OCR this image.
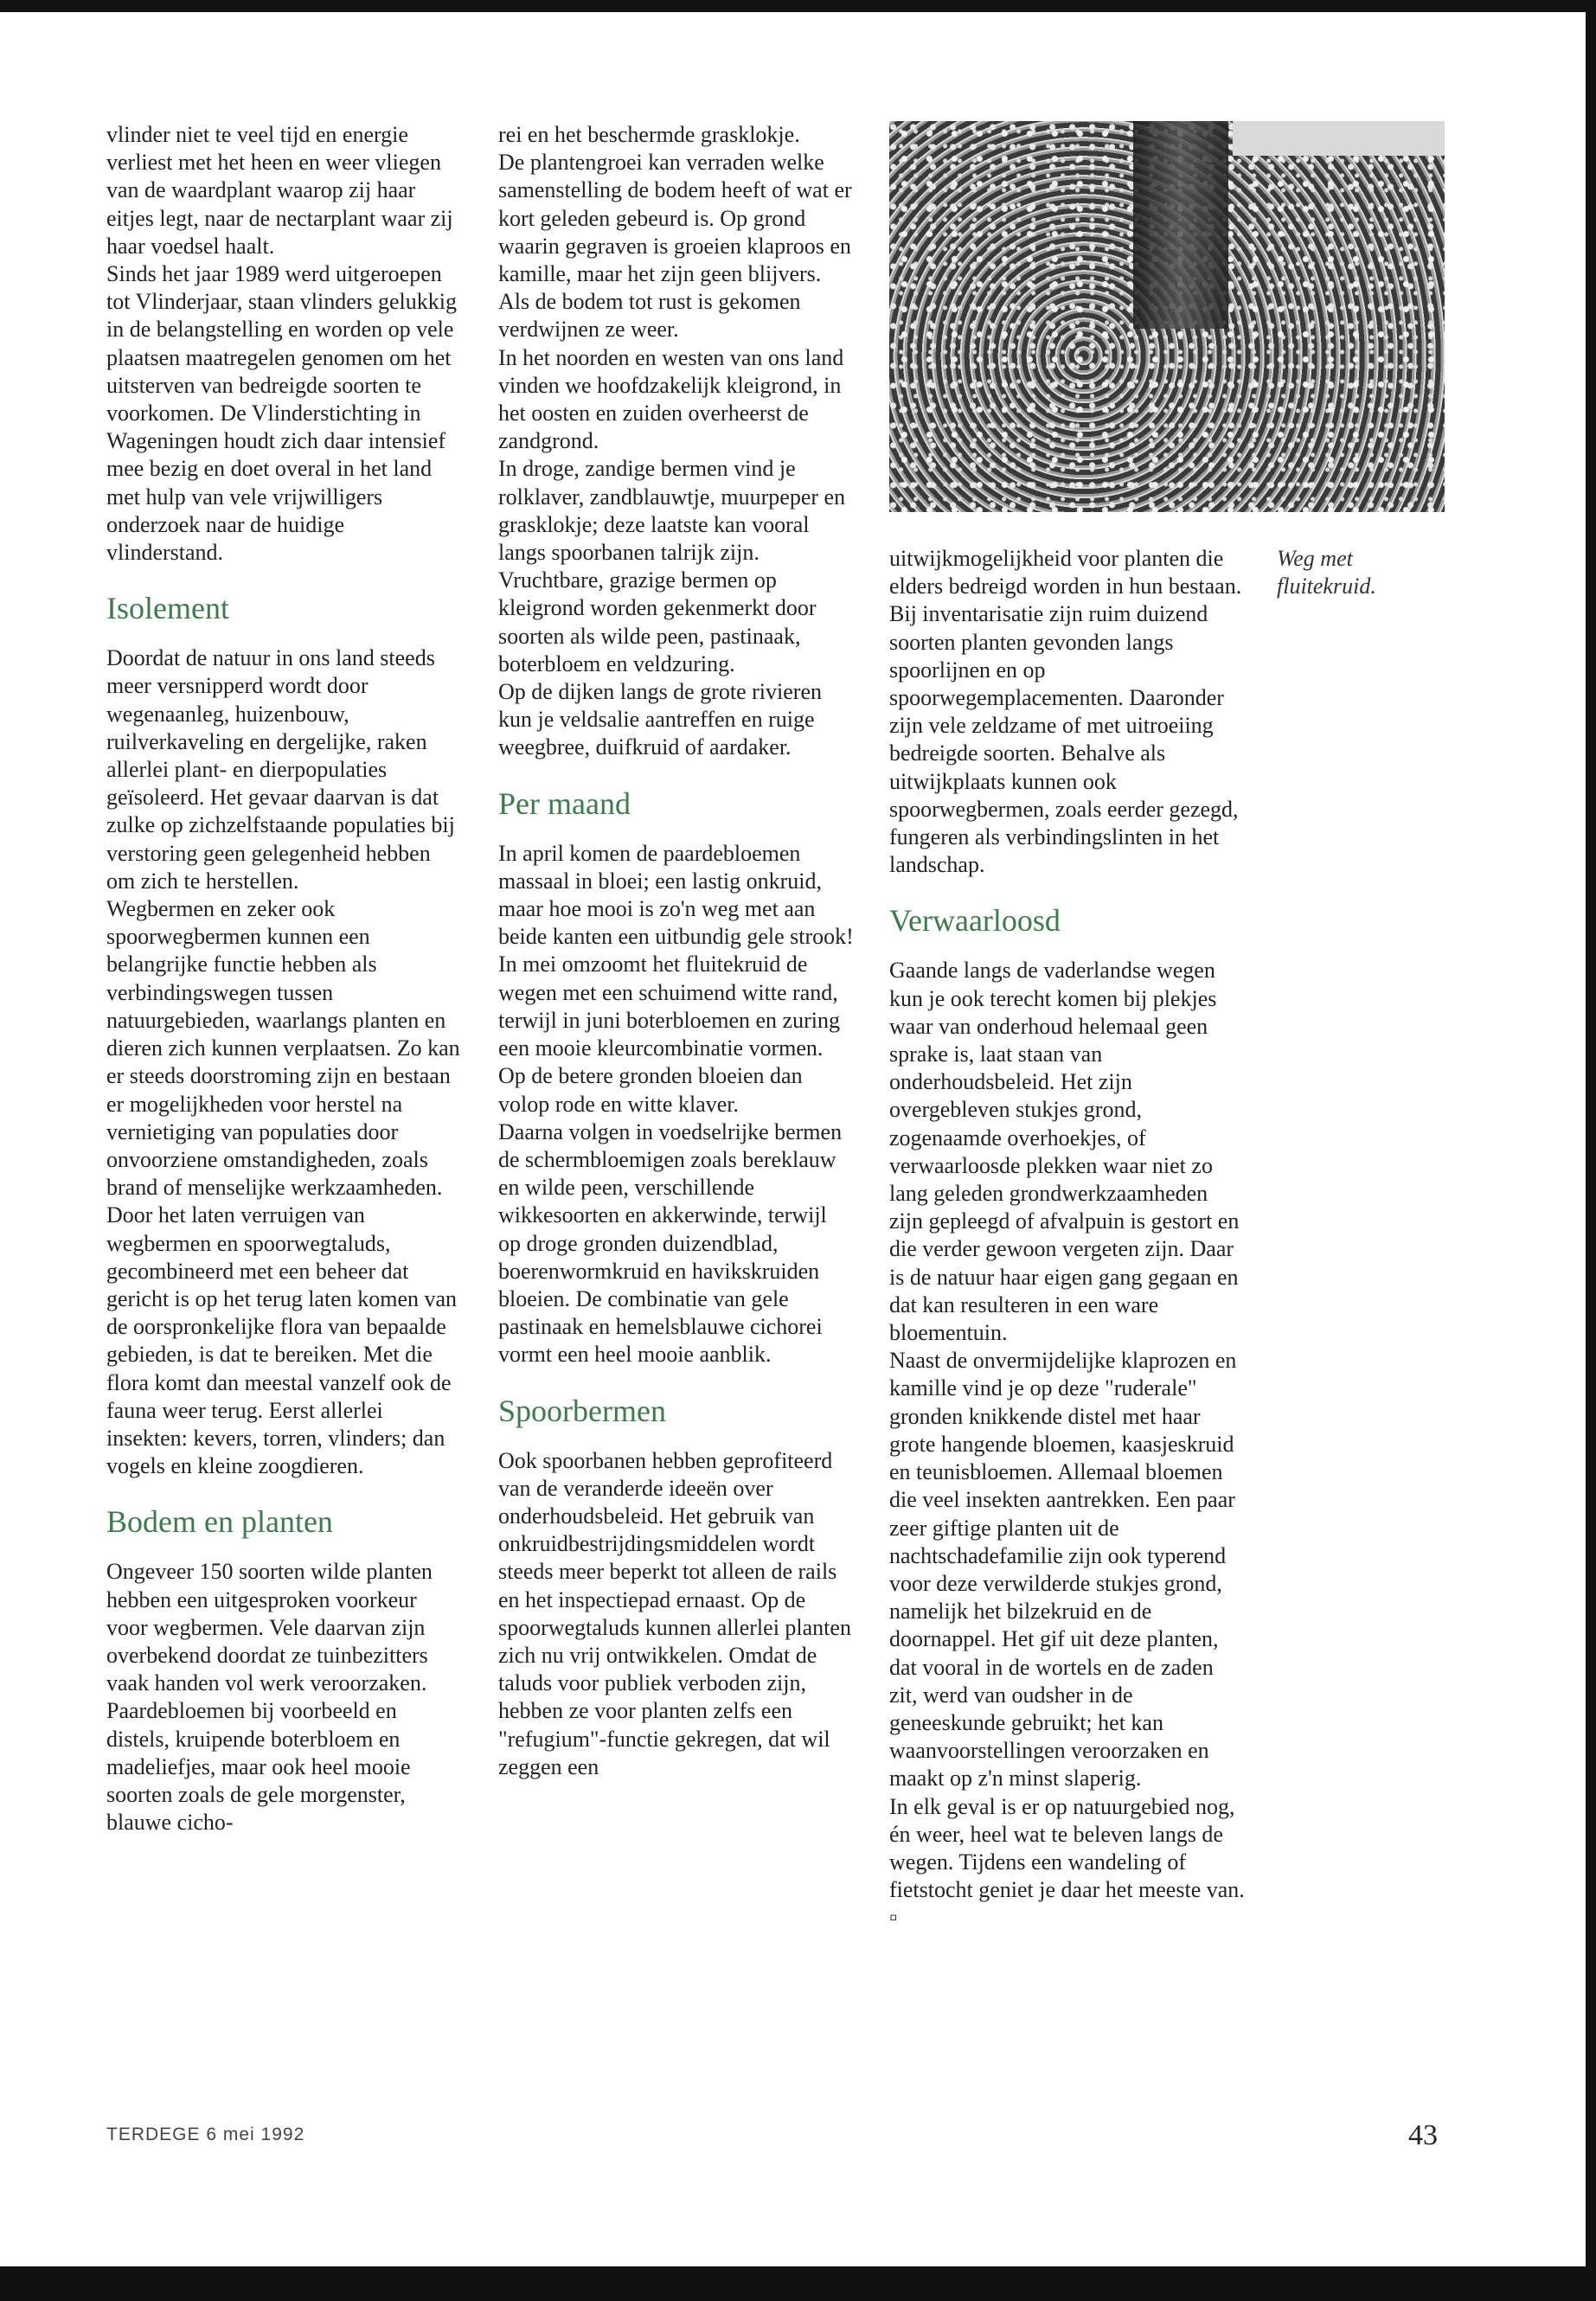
vlinder niet te veel tijd en energie verliest met het heen en weer vliegen van de waardplant waarop zij haar eitjes legt, naar de nectarplant waar zij haar voedsel haalt.

Sinds het jaar 1989 werd uitgeroepen tot Vlinderjaar, staan vlinders gelukkig in de belangstelling en worden op vele plaatsen maatregelen genomen om het uitsterven van bedreigde soorten te voorkomen. De Vlinderstichting in Wageningen houdt zich daar intensief mee bezig en doet overal in het land met hulp van vele vrijwilligers onderzoek naar de huidige vlinderstand.

Isolement

Doordat de natuur in ons land steeds meer versnipperd wordt door wegenaanleg, huizenbouw, ruilverkaveling en dergelijke, raken allerlei plant- en dierpopulaties geïsoleerd. Het gevaar daarvan is dat zulke op zichzelfstaande populaties bij verstoring geen gelegenheid hebben om zich te herstellen.

Wegbermen en zeker ook spoorwegbermen kunnen een belangrijke functie hebben als verbindingswegen tussen natuurgebieden, waarlangs planten en dieren zich kunnen verplaatsen. Zo kan er steeds doorstroming zijn en bestaan er mogelijkheden voor herstel na vernietiging van populaties door onvoorziene omstandigheden, zoals brand of menselijke werkzaamheden.

Door het laten verruigen van wegbermen en spoorwegtaluds, gecombineerd met een beheer dat gericht is op het terug laten komen van de oorspronkelijke flora van bepaalde gebieden, is dat te bereiken. Met die flora komt dan meestal vanzelf ook de fauna weer terug. Eerst allerlei insekten: kevers, torren, vlinders; dan vogels en kleine zoogdieren.

Bodem en planten

Ongeveer 150 soorten wilde planten hebben een uitgesproken voorkeur voor wegbermen. Vele daarvan zijn overbekend doordat ze tuinbezitters vaak handen vol werk veroorzaken. Paardebloemen bij voorbeeld en distels, kruipende boterbloem en madeliefjes, maar ook heel mooie soorten zoals de gele morgenster, blauwe cicho-

rei en het beschermde grasklokje.

De plantengroei kan verraden welke samenstelling de bodem heeft of wat er kort geleden gebeurd is. Op grond waarin gegraven is groeien klaproos en kamille, maar het zijn geen blijvers. Als de bodem tot rust is gekomen verdwijnen ze weer.

In het noorden en westen van ons land vinden we hoofdzakelijk kleigrond, in het oosten en zuiden overheerst de zandgrond.

In droge, zandige bermen vind je rolklaver, zandblauwtje, muurpeper en grasklokje; deze laatste kan vooral langs spoorbanen talrijk zijn. Vruchtbare, grazige bermen op kleigrond worden gekenmerkt door soorten als wilde peen, pastinaak, boterbloem en veldzuring.

Op de dijken langs de grote rivieren kun je veldsalie aantreffen en ruige weegbree, duifkruid of aardaker.

Per maand

In april komen de paardebloemen massaal in bloei; een lastig onkruid, maar hoe mooi is zo'n weg met aan beide kanten een uitbundig gele strook! In mei omzoomt het fluitekruid de wegen met een schuimend witte rand, terwijl in juni boterbloemen en zuring een mooie kleurcombinatie vormen. Op de betere gronden bloeien dan volop rode en witte klaver.

Daarna volgen in voedselrijke bermen de schermbloemigen zoals bereklauw en wilde peen, verschillende wikkesoorten en akkerwinde, terwijl op droge gronden duizendblad, boerenwormkruid en havikskruiden bloeien. De combinatie van gele pastinaak en hemelsblauwe cichorei vormt een heel mooie aanblik.

Spoorbermen

Ook spoorbanen hebben geprofiteerd van de veranderde ideeën over onderhoudsbeleid. Het gebruik van onkruidbestrijdingsmiddelen wordt steeds meer beperkt tot alleen de rails en het inspectiepad ernaast. Op de spoorwegtaluds kunnen allerlei planten zich nu vrij ontwikkelen. Omdat de taluds voor publiek verboden zijn, hebben ze voor planten zelfs een "refugium"-functie gekregen, dat wil zeggen een

Weg met fluitekruid.

uitwijkmogelijkheid voor planten die elders bedreigd worden in hun bestaan.

Bij inventarisatie zijn ruim duizend soorten planten gevonden langs spoorlijnen en op spoorwegemplacementen. Daaronder zijn vele zeldzame of met uitroeiing bedreigde soorten. Behalve als uitwijkplaats kunnen ook spoorwegbermen, zoals eerder gezegd, fungeren als verbindingslinten in het landschap.

Verwaarloosd

Gaande langs de vaderlandse wegen kun je ook terecht komen bij plekjes waar van onderhoud helemaal geen sprake is, laat staan van onderhoudsbeleid. Het zijn overgebleven stukjes grond, zogenaamde overhoekjes, of verwaarloosde plekken waar niet zo lang geleden grondwerkzaamheden zijn gepleegd of afvalpuin is gestort en die verder gewoon vergeten zijn. Daar is de natuur haar eigen gang gegaan en dat kan resulteren in een ware bloementuin.

Naast de onvermijdelijke klaprozen en kamille vind je op deze "ruderale" gronden knikkende distel met haar grote hangende bloemen, kaasjeskruid en teunisbloemen. Allemaal bloemen die veel insekten aantrekken. Een paar zeer giftige planten uit de nachtschadefamilie zijn ook typerend voor deze verwilderde stukjes grond, namelijk het bilzekruid en de doornappel. Het gif uit deze planten, dat vooral in de wortels en de zaden zit, werd van oudsher in de geneeskunde gebruikt; het kan waanvoorstellingen veroorzaken en maakt op z'n minst slaperig.

In elk geval is er op natuurgebied nog, én weer, heel wat te beleven langs de wegen. Tijdens een wandeling of fietstocht geniet je daar het meeste van. ▫

TERDEGE 6 mei 1992	43
